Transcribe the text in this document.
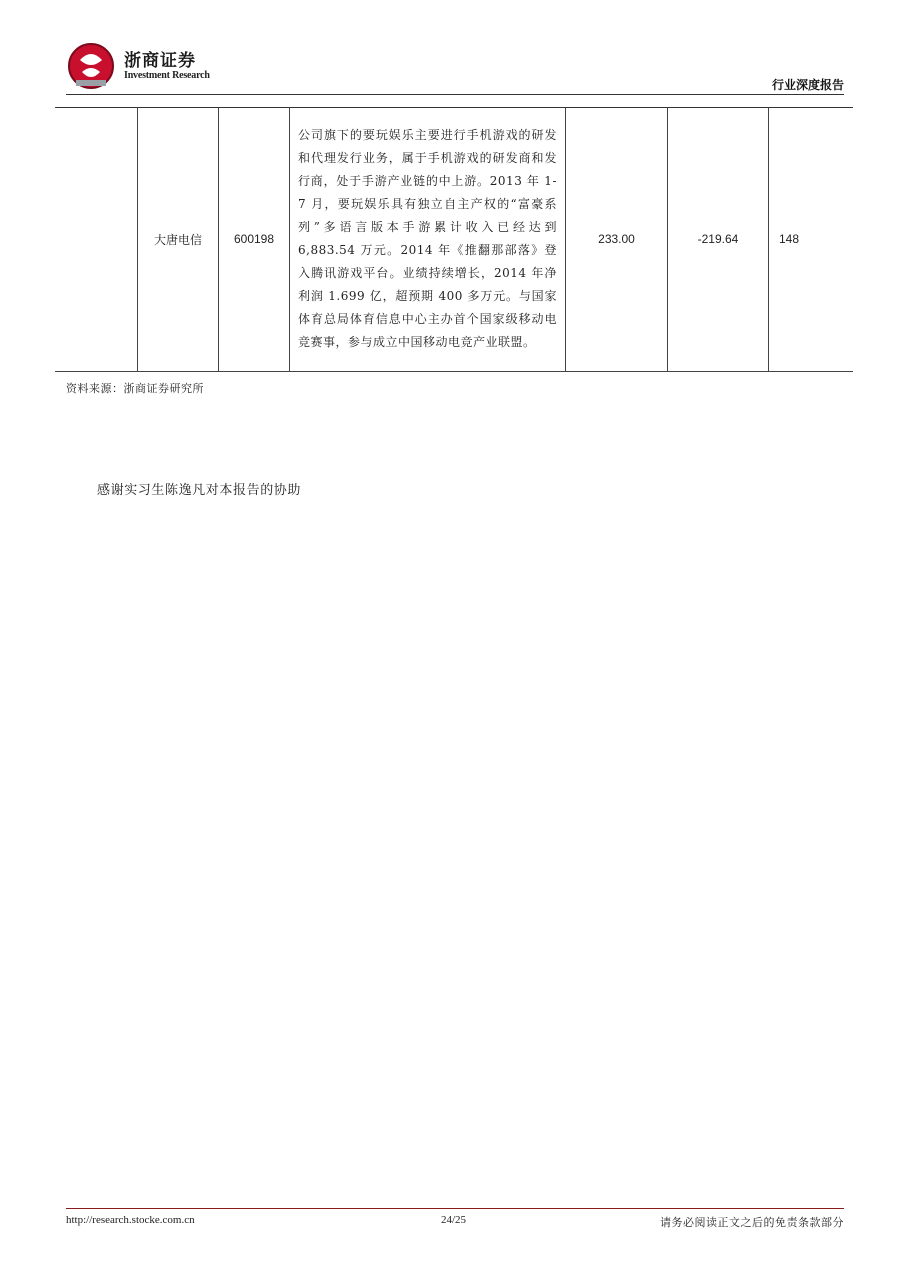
浙商证券
Investment Research
行业深度报告
	大唐电信	600198	公司旗下的要玩娱乐主要进行手机游戏的研发和代理发行业务，属于手机游戏的研发商和发行商，处于手游产业链的中上游。2013 年 1-7 月，要玩娱乐具有独立自主产权的“富豪系列”多语言版本手游累计收入已经达到 6,883.54 万元。2014 年《推翻那部落》登入腾讯游戏平台。业绩持续增长，2014 年净利润 1.699 亿，超预期 400 多万元。与国家体育总局体育信息中心主办首个国家级移动电竞赛事，参与成立中国移动电竞产业联盟。	233.00	-219.64	148
资料来源：浙商证券研究所
感谢实习生陈逸凡对本报告的协助
http://research.stocke.com.cn	24/25	请务必阅读正文之后的免责条款部分
